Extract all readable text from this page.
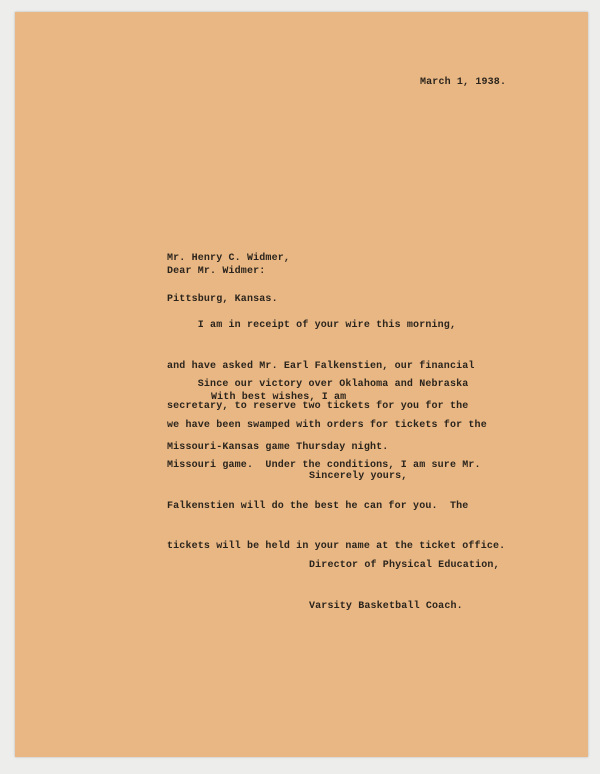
March 1, 1938.

Mr. Henry C. Widmer,

Pittsburg, Kansas.

Dear Mr. Widmer:

I am in receipt of your wire this morning,

and have asked Mr. Earl Falkenstien, our financial

secretary, to reserve two tickets for you for the

Missouri-Kansas game Thursday night.

Since our victory over Oklahoma and Nebraska

we have been swamped with orders for tickets for the

Missouri game.  Under the conditions, I am sure Mr.

Falkenstien will do the best he can for you.  The

tickets will be held in your name at the ticket office.

With best wishes, I am
Sincerely yours,

Director of Physical Education,

Varsity Basketball Coach.
